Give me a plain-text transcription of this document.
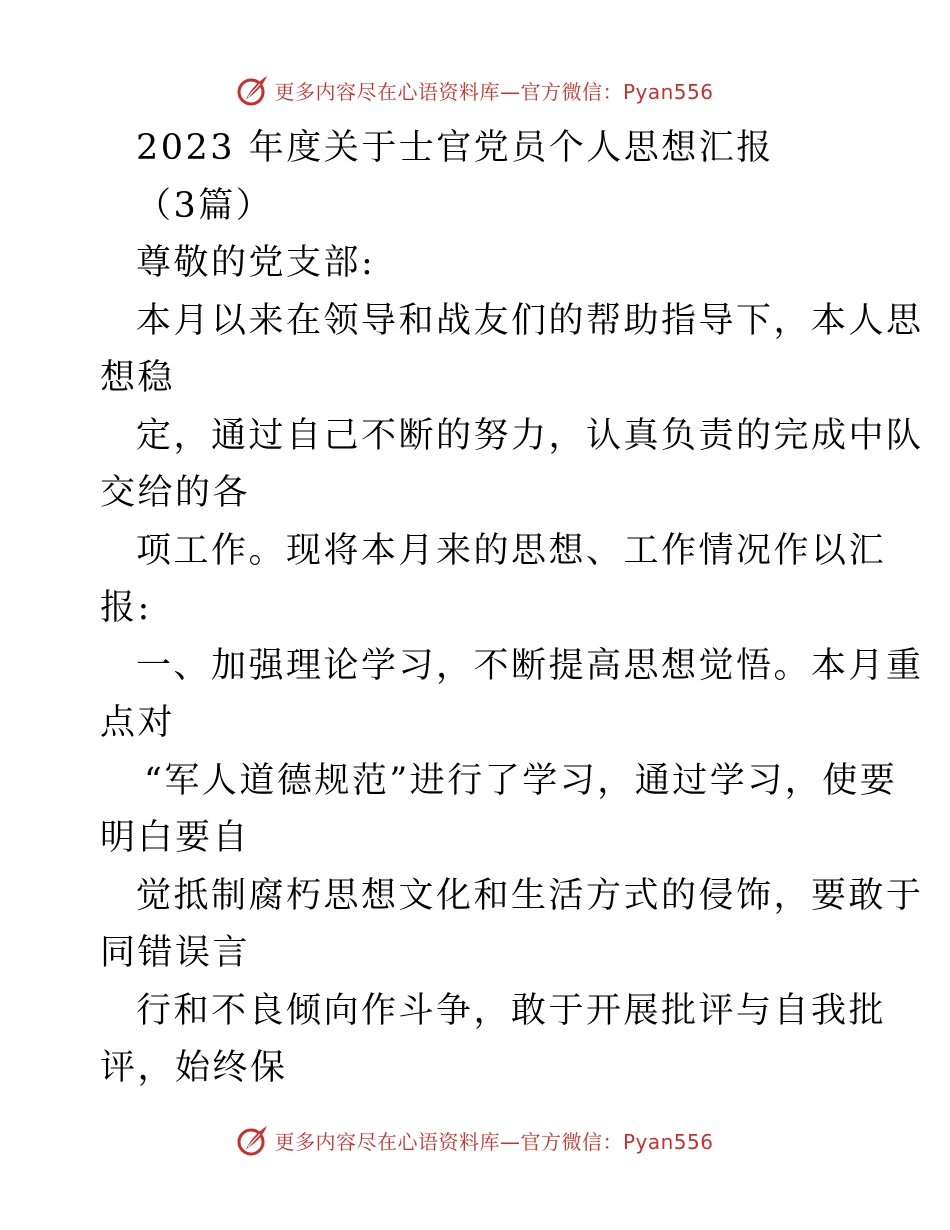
更多内容尽在心语资料库—官方微信：Pyan556
2023 年度关于士官党员个人思想汇报
（3篇）
尊敬的党支部:
本月以来在领导和战友们的帮助指导下，本人思
想稳
定，通过自己不断的努力，认真负责的完成中队
交给的各
项工作。现将本月来的思想、工作情况作以汇
报:
一、加强理论学习，不断提高思想觉悟。本月重
点对
“军人道德规范”进行了学习，通过学习，使要
明白要自
觉抵制腐朽思想文化和生活方式的侵饰，要敢于
同错误言
行和不良倾向作斗争，敢于开展批评与自我批
评，始终保
更多内容尽在心语资料库—官方微信：Pyan556
